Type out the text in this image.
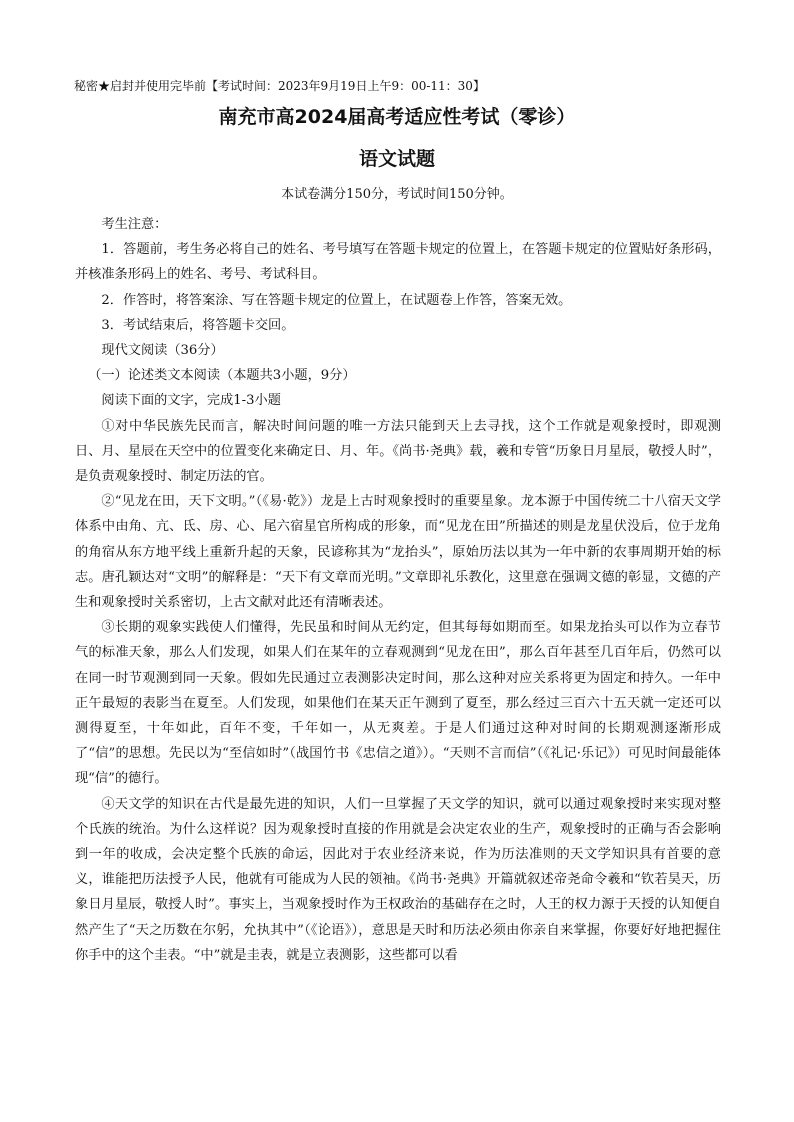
秘密★启封并使用完毕前【考试时间：2023年9月19日上午9：00-11：30】
南充市高2024届高考适应性考试（零诊）
语文试题
本试卷满分150分，考试时间150分钟。

考生注意：

1．答题前，考生务必将自己的姓名、考号填写在答题卡规定的位置上，在答题卡规定的位置贴好条形码，并核准条形码上的姓名、考号、考试科目。

2．作答时，将答案涂、写在答题卡规定的位置上，在试题卷上作答，答案无效。

3．考试结束后，将答题卡交回。

现代文阅读（36分）

（一）论述类文本阅读（本题共3小题，9分）

阅读下面的文字，完成1-3小题

①对中华民族先民而言，解决时间问题的唯一方法只能到天上去寻找，这个工作就是观象授时，即观测日、月、星辰在天空中的位置变化来确定日、月、年。《尚书·尧典》载，羲和专管“历象日月星辰，敬授人时”，是负责观象授时、制定历法的官。

②“见龙在田，天下文明。”（《易·乾》）龙是上古时观象授时的重要星象。龙本源于中国传统二十八宿天文学体系中由角、亢、氐、房、心、尾六宿星官所构成的形象，而“见龙在田”所描述的则是龙星伏没后，位于龙角的角宿从东方地平线上重新升起的天象，民谚称其为“龙抬头”，原始历法以其为一年中新的农事周期开始的标志。唐孔颖达对“文明”的解释是：“天下有文章而光明。”文章即礼乐教化，这里意在强调文德的彰显，文德的产生和观象授时关系密切，上古文献对此还有清晰表述。

③长期的观象实践使人们懂得，先民虽和时间从无约定，但其每每如期而至。如果龙抬头可以作为立春节气的标准天象，那么人们发现，如果人们在某年的立春观测到“见龙在田”，那么百年甚至几百年后，仍然可以在同一时节观测到同一天象。假如先民通过立表测影决定时间，那么这种对应关系将更为固定和持久。一年中正午最短的表影当在夏至。人们发现，如果他们在某天正午测到了夏至，那么经过三百六十五天就一定还可以测得夏至，十年如此，百年不变，千年如一，从无爽差。于是人们通过这种对时间的长期观测逐渐形成了“信”的思想。先民以为“至信如时”（战国竹书《忠信之道》）。“天则不言而信”（《礼记·乐记》）可见时间最能体现“信”的德行。

④天文学的知识在古代是最先进的知识，人们一旦掌握了天文学的知识，就可以通过观象授时来实现对整个氏族的统治。为什么这样说？因为观象授时直接的作用就是会决定农业的生产，观象授时的正确与否会影响到一年的收成，会决定整个氏族的命运，因此对于农业经济来说，作为历法准则的天文学知识具有首要的意义，谁能把历法授予人民，他就有可能成为人民的领袖。《尚书·尧典》开篇就叙述帝尧命令羲和“钦若昊天，历象日月星辰，敬授人时”。事实上，当观象授时作为王权政治的基础存在之时，人王的权力源于天授的认知便自然产生了“天之历数在尔躬，允执其中”（《论语》），意思是天时和历法必须由你亲自来掌握，你要好好地把握住你手中的这个圭表。“中”就是圭表，就是立表测影，这些都可以看
